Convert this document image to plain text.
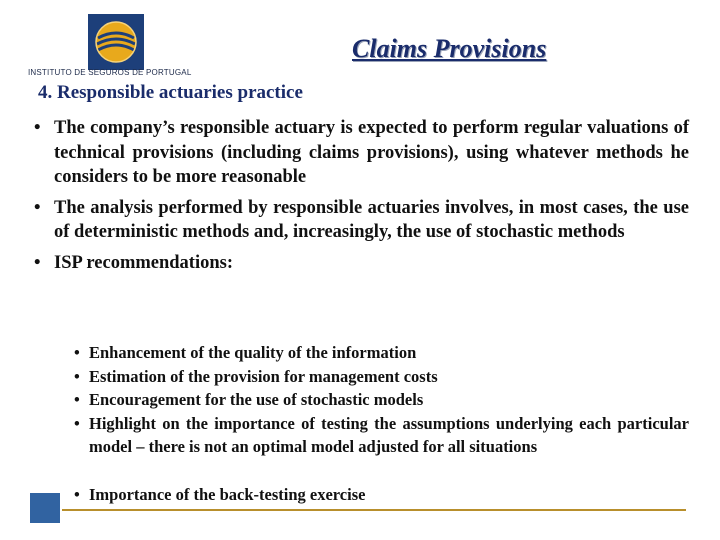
INSTITUTO DE SEGUROS DE PORTUGAL
Claims Provisions
4. Responsible actuaries practice
• The company’s responsible actuary is expected to perform regular valuations of technical provisions (including claims provisions), using whatever methods he considers to be more reasonable
• The analysis performed by responsible actuaries involves, in most cases, the use of deterministic methods and, increasingly, the use of stochastic methods
• ISP recommendations:
• Enhancement of the quality of the information
• Estimation of the provision for management costs
• Encouragement for the use of stochastic models
• Highlight on the importance of testing the assumptions underlying each particular model – there is not an optimal model adjusted for all situations
• Importance of the back-testing exercise
